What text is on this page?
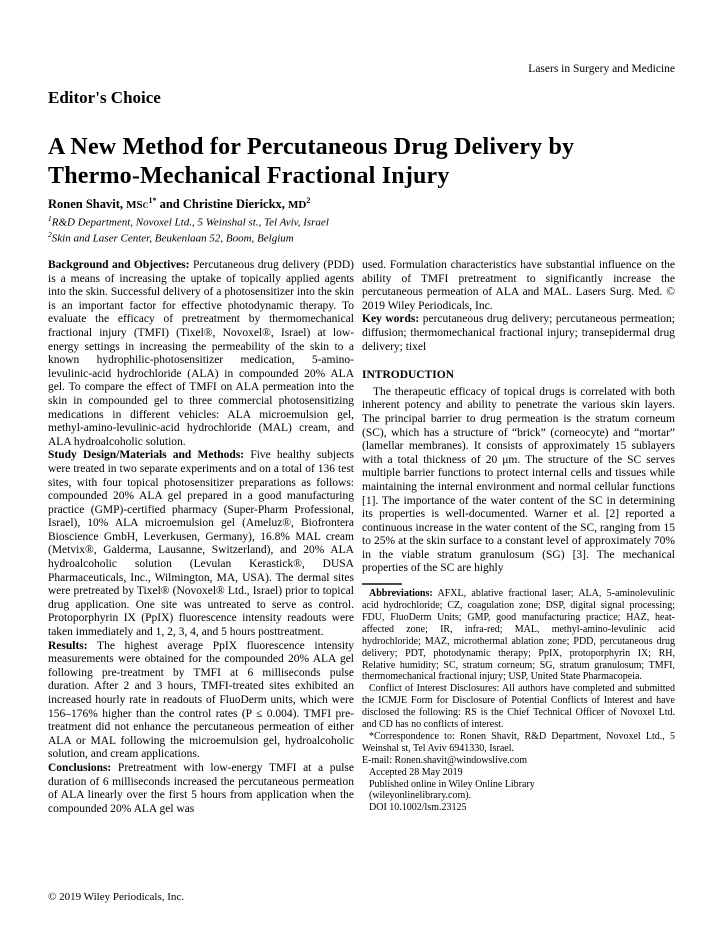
Lasers in Surgery and Medicine
Editor's Choice
A New Method for Percutaneous Drug Delivery by Thermo-Mechanical Fractional Injury
Ronen Shavit, MSc$^{1*}$ and Christine Dierickx, $MD^2$
$^1$R&D Department, Novoxel Ltd., 5 Weinshal st., Tel Aviv, Israel
$^2$Skin and Laser Center, Beukenlaan 52, Boom, Belgium

Background and Objectives: Percutaneous drug delivery (PDD) is a means of increasing the uptake of topically applied agents into the skin. Successful delivery of a photosensitizer into the skin is an important factor for effective photodynamic therapy. To evaluate the efficacy of pretreatment by thermomechanical fractional injury (TMFI) (Tixel®, Novoxel®, Israel) at low-energy settings in increasing the permeability of the skin to a known hydrophilic-photosensitizer medication, 5-amino-levulinic-acid hydrochloride (ALA) in compounded 20% ALA gel. To compare the effect of TMFI on ALA permeation into the skin in compounded gel to three commercial photosensitizing medications in different vehicles: ALA microemulsion gel, methyl-amino-levulinic-acid hydrochloride (MAL) cream, and ALA hydroalcoholic solution.

Study Design/Materials and Methods: Five healthy subjects were treated in two separate experiments and on a total of 136 test sites, with four topical photosensitizer preparations as follows: compounded 20% ALA gel prepared in a good manufacturing practice (GMP)-certified pharmacy (Super-Pharm Professional, Israel), 10% ALA microemulsion gel (Ameluz®, Biofrontera Bioscience GmbH, Leverkusen, Germany), 16.8% MAL cream (Metvix®, Galderma, Lausanne, Switzerland), and 20% ALA hydroalcoholic solution (Levulan Kerastick®, DUSA Pharmaceuticals, Inc., Wilmington, MA, USA). The dermal sites were pretreated by Tixel® (Novoxel® Ltd., Israel) prior to topical drug application. One site was untreated to serve as control. Protoporphyrin IX (PpIX) fluorescence intensity readouts were taken immediately and 1, 2, 3, 4, and 5 hours posttreatment.

Results: The highest average PpIX fluorescence intensity measurements were obtained for the compounded 20% ALA gel following pre-treatment by TMFI at 6 milliseconds pulse duration. After 2 and 3 hours, TMFI-treated sites exhibited an increased hourly rate in readouts of FluoDerm units, which were 156–176% higher than the control rates (P ≤ 0.004). TMFI pre-treatment did not enhance the percutaneous permeation of either ALA or MAL following the microemulsion gel, hydroalcoholic solution, and cream applications.

Conclusions: Pretreatment with low-energy TMFI at a pulse duration of 6 milliseconds increased the percutaneous permeation of ALA linearly over the first 5 hours from application when the compounded 20% ALA gel was

used. Formulation characteristics have substantial influence on the ability of TMFI pretreatment to significantly increase the percutaneous permeation of ALA and MAL. Lasers Surg. Med. © 2019 Wiley Periodicals, Inc.

Key words: percutaneous drug delivery; percutaneous permeation; diffusion; thermomechanical fractional injury; transepidermal drug delivery; tixel

INTRODUCTION

The therapeutic efficacy of topical drugs is correlated with both inherent potency and ability to penetrate the various skin layers. The principal barrier to drug permeation is the stratum corneum (SC), which has a structure of “brick” (corneocyte) and “mortar” (lamellar membranes). It consists of approximately 15 sublayers with a total thickness of 20 μm. The structure of the SC serves multiple barrier functions to protect internal cells and tissues while maintaining the internal environment and normal cellular functions [1]. The importance of the water content of the SC in determining its properties is well-documented. Warner et al. [2] reported a continuous increase in the water content of the SC, ranging from 15 to 25% at the skin surface to a constant level of approximately 70% in the viable stratum granulosum (SG) [3]. The mechanical properties of the SC are highly

Abbreviations: AFXL, ablative fractional laser; ALA, 5-aminolevulinic acid hydrochloride; CZ, coagulation zone; DSP, digital signal processing; FDU, FluoDerm Units; GMP, good manufacturing practice; HAZ, heat-affected zone; IR, infra-red; MAL, methyl-amino-levulinic acid hydrochloride; MAZ, microthermal ablation zone; PDD, percutaneous drug delivery; PDT, photodynamic therapy; PpIX, protoporphyrin IX; RH, Relative humidity; SC, stratum corneum; SG, stratum granulosum; TMFI, thermomechanical fractional injury; USP, United State Pharmacopeia.

Conflict of Interest Disclosures: All authors have completed and submitted the ICMJE Form for Disclosure of Potential Conflicts of Interest and have disclosed the following: RS is the Chief Technical Officer of Novoxel Ltd. and CD has no conflicts of interest.

*Correspondence to: Ronen Shavit, R&D Department, Novoxel Ltd., 5 Weinshal st, Tel Aviv 6941330, Israel.

E-mail: Ronen.shavit@windowslive.com
Accepted 28 May 2019
Published online in Wiley Online Library
(wileyonlinelibrary.com).
DOI 10.1002/lsm.23125
© 2019 Wiley Periodicals, Inc.
